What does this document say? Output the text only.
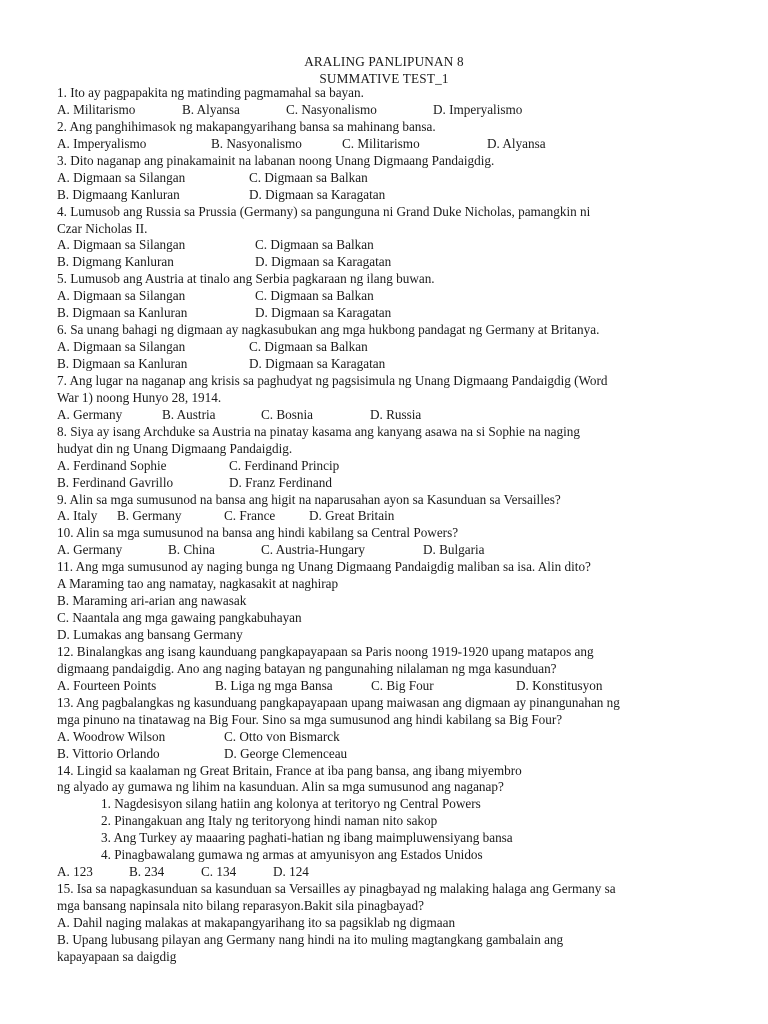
ARALING PANLIPUNAN 8
SUMMATIVE TEST_1
1. Ito ay pagpapakita ng matinding pagmamahal sa bayan.
A. Militarismo	B. Alyansa	C. Nasyonalismo	D. Imperyalismo
2. Ang panghihimasok ng makapangyarihang bansa sa mahinang bansa.
A. Imperyalismo	B. Nasyonalismo	C. Militarismo	D. Alyansa
3. Dito naganap ang pinakamainit na labanan noong Unang Digmaang Pandaigdig.
A. Digmaan sa Silangan	C. Digmaan sa Balkan
B. Digmaang Kanluran	D. Digmaan sa Karagatan
4. Lumusob ang Russia sa Prussia (Germany) sa pangunguna ni Grand Duke Nicholas, pamangkin ni
Czar Nicholas II.
A. Digmaan sa Silangan	C. Digmaan sa Balkan
B. Digmang Kanluran	D. Digmaan sa Karagatan
5. Lumusob ang Austria at tinalo ang Serbia pagkaraan ng ilang buwan.
A. Digmaan sa Silangan	C. Digmaan sa Balkan
B. Digmaan sa Kanluran	D. Digmaan sa Karagatan
6. Sa unang bahagi ng digmaan ay nagkasubukan ang mga hukbong pandagat ng Germany at Britanya.
A. Digmaan sa Silangan	C. Digmaan sa Balkan
B. Digmaan sa Kanluran	D. Digmaan sa Karagatan
7. Ang lugar na naganap ang krisis sa paghudyat ng pagsisimula ng Unang Digmaang Pandaigdig (Word
War 1) noong Hunyo 28, 1914.
A. Germany	B. Austria	C. Bosnia	D. Russia
8. Siya ay isang Archduke sa Austria na pinatay kasama ang kanyang asawa na si Sophie na naging
hudyat din ng Unang Digmaang Pandaigdig.
A. Ferdinand Sophie	C. Ferdinand Princip
B. Ferdinand Gavrillo	D. Franz Ferdinand
9. Alin sa mga sumusunod na bansa ang higit na naparusahan ayon sa Kasunduan sa Versailles?
A. Italy B. Germany	C. France	D. Great Britain
10. Alin sa mga sumusunod na bansa ang hindi kabilang sa Central Powers?
A. Germany	B. China	C. Austria-Hungary	D. Bulgaria
11. Ang mga sumusunod ay naging bunga ng Unang Digmaang Pandaigdig maliban sa isa. Alin dito?
A Maraming tao ang namatay, nagkasakit at naghirap
B. Maraming ari-arian ang nawasak
C. Naantala ang mga gawaing pangkabuhayan
D. Lumakas ang bansang Germany
12. Binalangkas ang isang kaunduang pangkapayapaan sa Paris noong 1919-1920 upang matapos ang
digmaang pandaigdig. Ano ang naging batayan ng pangunahing nilalaman ng mga kasunduan?
A. Fourteen Points	B. Liga ng mga Bansa	C. Big Four	D. Konstitusyon
13. Ang pagbalangkas ng kasunduang pangkapayapaan upang maiwasan ang digmaan ay pinangunahan ng
mga pinuno na tinatawag na Big Four. Sino sa mga sumusunod ang hindi kabilang sa Big Four?
A. Woodrow Wilson	C. Otto von Bismarck
B. Vittorio Orlando	D. George Clemenceau
14. Lingid sa kaalaman ng Great Britain, France at iba pang bansa, ang ibang miyembro
ng alyado ay gumawa ng lihim na kasunduan. Alin sa mga sumusunod ang naganap?
1. Nagdesisyon silang hatiin ang kolonya at teritoryo ng Central Powers
2. Pinangakuan ang Italy ng teritoryong hindi naman nito sakop
3. Ang Turkey ay maaaring paghati-hatian ng ibang maimpluwensiyang bansa
4. Pinagbawalang gumawa ng armas at amyunisyon ang Estados Unidos
A. 123	B. 234	C. 134	D. 124
15. Isa sa napagkasunduan sa kasunduan sa Versailles ay pinagbayad ng malaking halaga ang Germany sa
mga bansang napinsala nito bilang reparasyon.Bakit sila pinagbayad?
A. Dahil naging malakas at makapangyarihang ito sa pagsiklab ng digmaan
B. Upang lubusang pilayan ang Germany nang hindi na ito muling magtangkang gambalain ang
kapayapaan sa daigdig
